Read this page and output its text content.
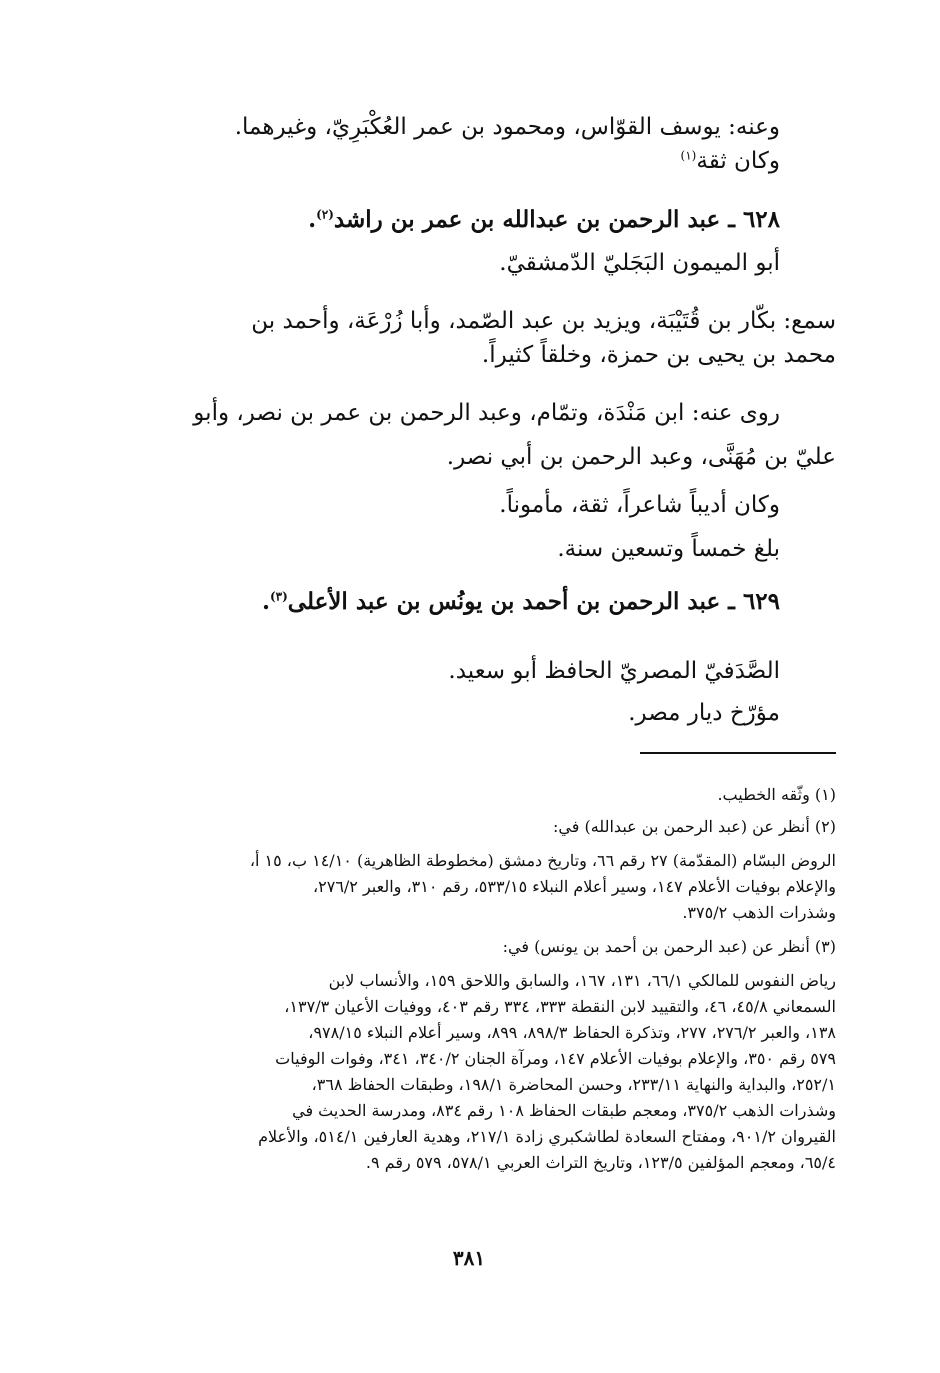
وعنه: يوسف القوّاس، ومحمود بن عمر العُكْبَرِيّ، وغيرهما.
وكان ثقة$^{(١)}$
٦٢٨ ـ عبد الرحمن بن عبدالله بن عمر بن راشد$^{(٢)}$.
أبو الميمون البَجَليّ الدّمشقيّ.
سمع: بكّار بن قُتَيْبَة، ويزيد بن عبد الصّمد، وأبا زُرْعَة، وأحمد بن
محمد بن يحيى بن حمزة، وخلقاً كثيراً.
روى عنه: ابن مَنْدَة، وتمّام، وعبد الرحمن بن عمر بن نصر، وأبو
عليّ بن مُهَنَّى، وعبد الرحمن بن أبي نصر.
وكان أديباً شاعراً، ثقة، مأموناً.
بلغ خمساً وتسعين سنة.
٦٢٩ ـ عبد الرحمن بن أحمد بن يونُس بن عبد الأعلى$^{(٣)}$.
الصَّدَفيّ المصريّ الحافظ أبو سعيد.
مؤرّخ ديار مصر.
(١) وثّقه الخطيب.
(٢) أنظر عن (عبد الرحمن بن عبدالله) في:
الروض البسّام (المقدّمة) ٢٧ رقم ٦٦، وتاريخ دمشق (مخطوطة الظاهرية) ١٤/١٠ ب، ١٥ أ،
والإعلام بوفيات الأعلام ١٤٧، وسير أعلام النبلاء ٥٣٣/١٥، رقم ٣١٠، والعبر ٢٧٦/٢،
وشذرات الذهب ٣٧٥/٢.
(٣) أنظر عن (عبد الرحمن بن أحمد بن يونس) في:
رياض النفوس للمالكي ٦٦/١، ١٣١، ١٦٧، والسابق واللاحق ١٥٩، والأنساب لابن
السمعاني ٤٥/٨، ٤٦، والتقييد لابن النقطة ٣٣٣، ٣٣٤ رقم ٤٠٣، ووفيات الأعيان ١٣٧/٣،
١٣٨، والعبر ٢٧٦/٢، ٢٧٧، وتذكرة الحفاظ ٨٩٨/٣، ٨٩٩، وسير أعلام النبلاء ٩٧٨/١٥،
٥٧٩ رقم ٣٥٠، والإعلام بوفيات الأعلام ١٤٧، ومرآة الجنان ٣٤٠/٢، ٣٤١، وفوات الوفيات
٢٥٢/١، والبداية والنهاية ٢٣٣/١١، وحسن المحاضرة ١٩٨/١، وطبقات الحفاظ ٣٦٨،
وشذرات الذهب ٣٧٥/٢، ومعجم طبقات الحفاظ ١٠٨ رقم ٨٣٤، ومدرسة الحديث في
القيروان ٩٠١/٢، ومفتاح السعادة لطاشكبري زادة ٢١٧/١، وهدية العارفين ٥١٤/١، والأعلام
٦٥/٤، ومعجم المؤلفين ١٢٣/٥، وتاريخ التراث العربي ٥٧٨/١، ٥٧٩ رقم ٩.
٣٨١
